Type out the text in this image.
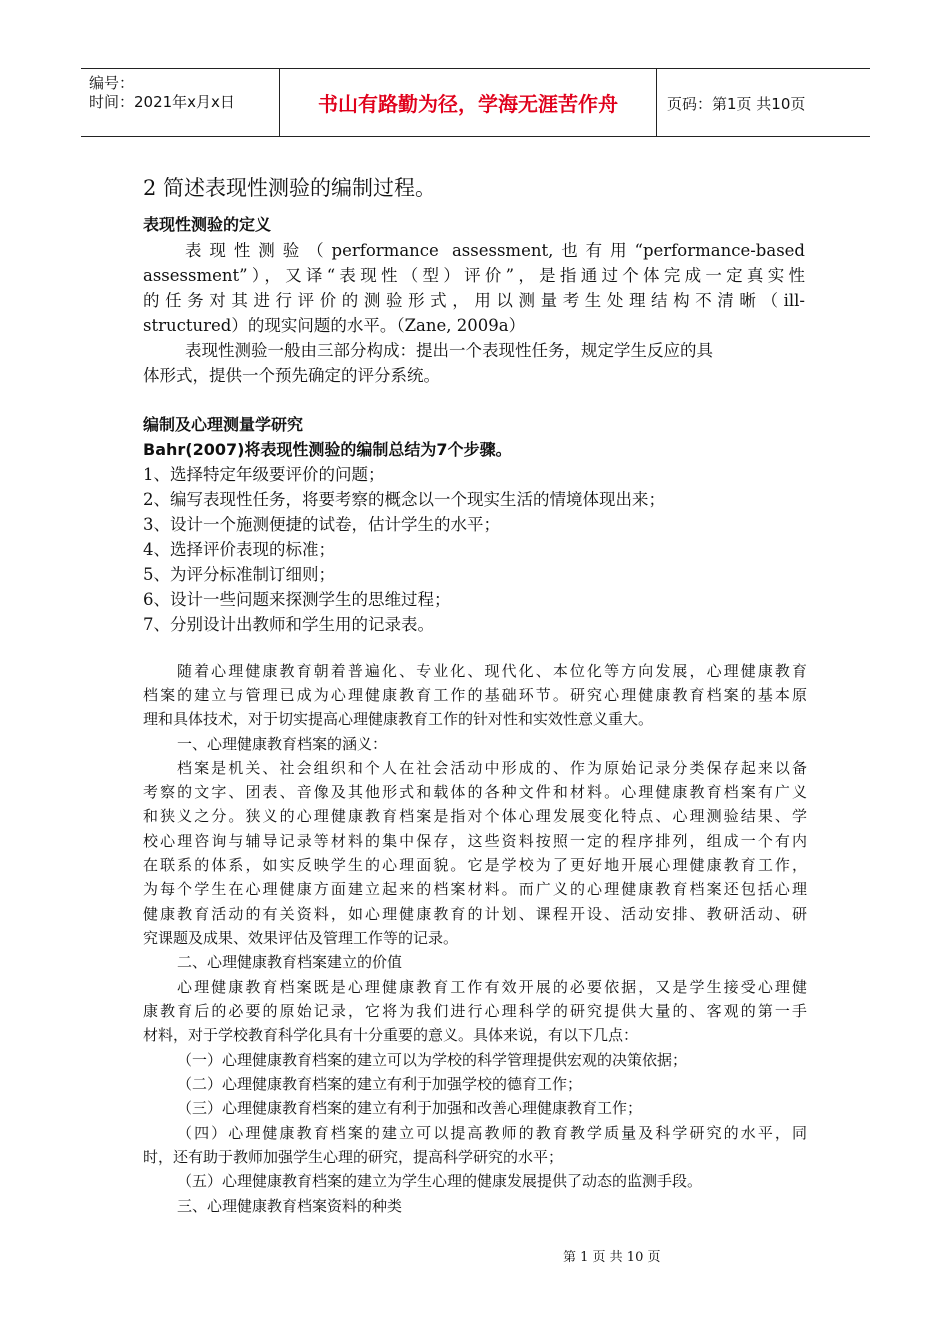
编号：
时间：2021年x月x日	书山有路勤为径，学海无涯苦作舟	页码：第1页 共10页

2 简述表现性测验的编制过程。

表现性测验的定义

表现性测验（performance assessment,也有用“performance-based

assessment”），又译“表现性（型）评价”，是指通过个体完成一定真实性

的任务对其进行评价的测验形式，用以测量考生处理结构不清晰（ill-

structured）的现实问题的水平。（Zane, 2009a）

表现性测验一般由三部分构成：提出一个表现性任务，规定学生反应的具

体形式，提供一个预先确定的评分系统。

编制及心理测量学研究

Bahr(2007)将表现性测验的编制总结为7个步骤。

1、选择特定年级要评价的问题；

2、编写表现性任务，将要考察的概念以一个现实生活的情境体现出来；

3、设计一个施测便捷的试卷，估计学生的水平；

4、选择评价表现的标准；

5、为评分标准制订细则；

6、设计一些问题来探测学生的思维过程；

7、分别设计出教师和学生用的记录表。

随着心理健康教育朝着普遍化、专业化、现代化、本位化等方向发展，心理健康教育

档案的建立与管理已成为心理健康教育工作的基础环节。研究心理健康教育档案的基本原

理和具体技术，对于切实提高心理健康教育工作的针对性和实效性意义重大。

一、心理健康教育档案的涵义：

档案是机关、社会组织和个人在社会活动中形成的、作为原始记录分类保存起来以备

考察的文字、团表、音像及其他形式和载体的各种文件和材料。心理健康教育档案有广义

和狭义之分。狭义的心理健康教育档案是指对个体心理发展变化特点、心理测验结果、学

校心理咨询与辅导记录等材料的集中保存，这些资料按照一定的程序排列，组成一个有内

在联系的体系，如实反映学生的心理面貌。它是学校为了更好地开展心理健康教育工作，

为每个学生在心理健康方面建立起来的档案材料。而广义的心理健康教育档案还包括心理

健康教育活动的有关资料，如心理健康教育的计划、课程开设、活动安排、教研活动、研

究课题及成果、效果评估及管理工作等的记录。

二、心理健康教育档案建立的价值

心理健康教育档案既是心理健康教育工作有效开展的必要依据，又是学生接受心理健

康教育后的必要的原始记录，它将为我们进行心理科学的研究提供大量的、客观的第一手

材料，对于学校教育科学化具有十分重要的意义。具体来说，有以下几点：

（一）心理健康教育档案的建立可以为学校的科学管理提供宏观的决策依据；

（二）心理健康教育档案的建立有利于加强学校的德育工作；

（三）心理健康教育档案的建立有利于加强和改善心理健康教育工作；

（四）心理健康教育档案的建立可以提高教师的教育教学质量及科学研究的水平，同

时，还有助于教师加强学生心理的研究，提高科学研究的水平；

（五）心理健康教育档案的建立为学生心理的健康发展提供了动态的监测手段。

三、心理健康教育档案资料的种类

第 1 页 共 10 页
